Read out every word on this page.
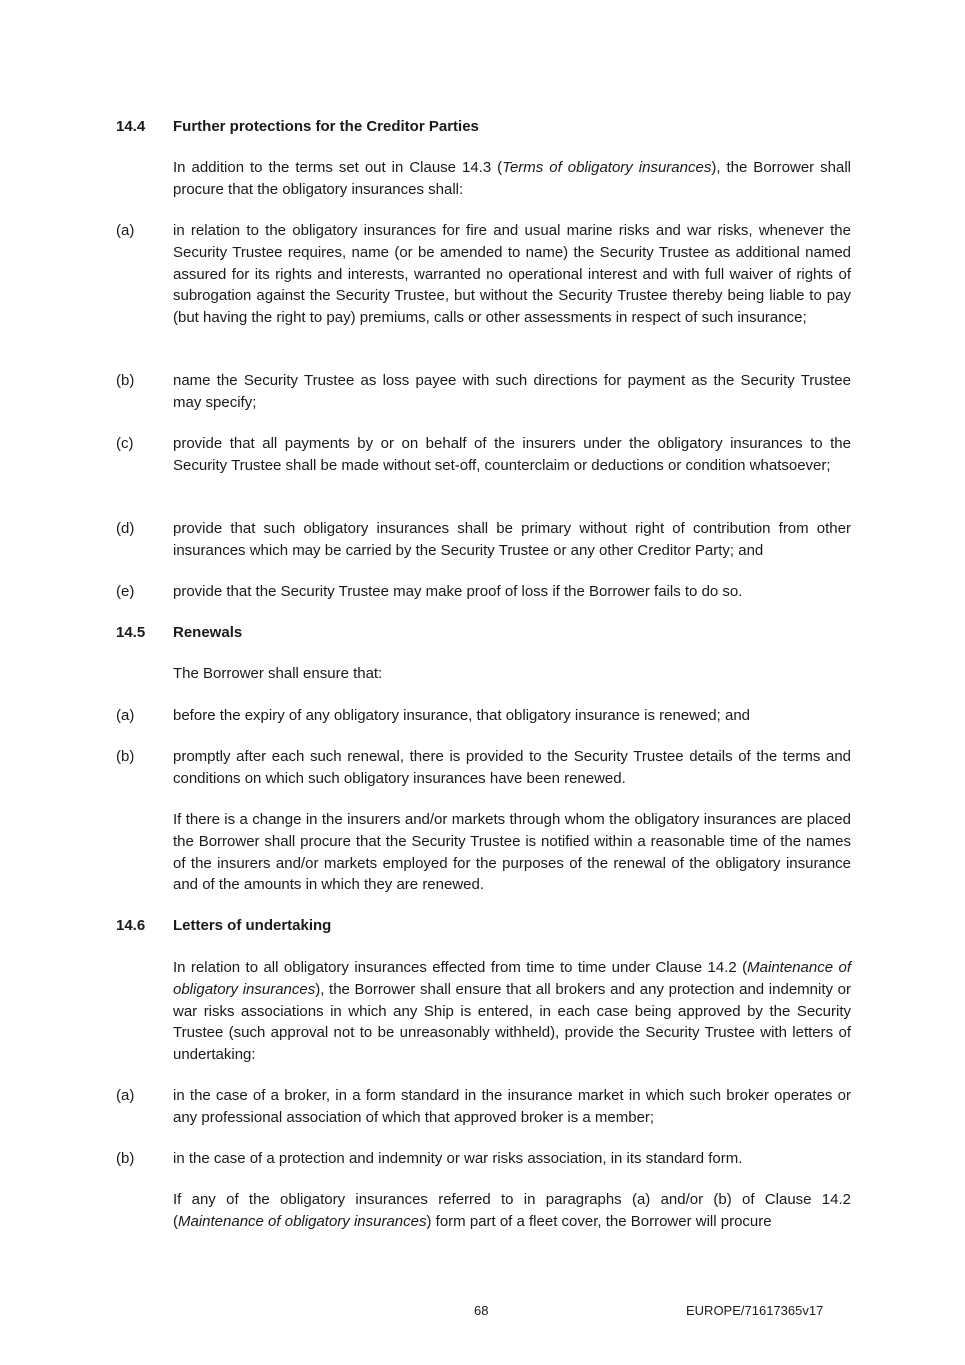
14.4 Further protections for the Creditor Parties
In addition to the terms set out in Clause 14.3 (Terms of obligatory insurances), the Borrower shall procure that the obligatory insurances shall:
(a)	in relation to the obligatory insurances for fire and usual marine risks and war risks, whenever the Security Trustee requires, name (or be amended to name) the Security Trustee as additional named assured for its rights and interests, warranted no operational interest and with full waiver of rights of subrogation against the Security Trustee, but without the Security Trustee thereby being liable to pay (but having the right to pay) premiums, calls or other assessments in respect of such insurance;
(b)	name the Security Trustee as loss payee with such directions for payment as the Security Trustee may specify;
(c)	provide that all payments by or on behalf of the insurers under the obligatory insurances to the Security Trustee shall be made without set-off, counterclaim or deductions or condition whatsoever;
(d)	provide that such obligatory insurances shall be primary without right of contribution from other insurances which may be carried by the Security Trustee or any other Creditor Party; and
(e)	provide that the Security Trustee may make proof of loss if the Borrower fails to do so.
14.5 Renewals
The Borrower shall ensure that:
(a)	before the expiry of any obligatory insurance, that obligatory insurance is renewed; and
(b)	promptly after each such renewal, there is provided to the Security Trustee details of the terms and conditions on which such obligatory insurances have been renewed.
If there is a change in the insurers and/or markets through whom the obligatory insurances are placed the Borrower shall procure that the Security Trustee is notified within a reasonable time of the names of the insurers and/or markets employed for the purposes of the renewal of the obligatory insurance and of the amounts in which they are renewed.
14.6 Letters of undertaking
In relation to all obligatory insurances effected from time to time under Clause 14.2 (Maintenance of obligatory insurances), the Borrower shall ensure that all brokers and any protection and indemnity or war risks associations in which any Ship is entered, in each case being approved by the Security Trustee (such approval not to be unreasonably withheld), provide the Security Trustee with letters of undertaking:
(a)	in the case of a broker, in a form standard in the insurance market in which such broker operates or any professional association of which that approved broker is a member;
(b)	in the case of a protection and indemnity or war risks association, in its standard form.
If any of the obligatory insurances referred to in paragraphs (a) and/or (b) of Clause 14.2 (Maintenance of obligatory insurances) form part of a fleet cover, the Borrower will procure
68	EUROPE/71617365v17
